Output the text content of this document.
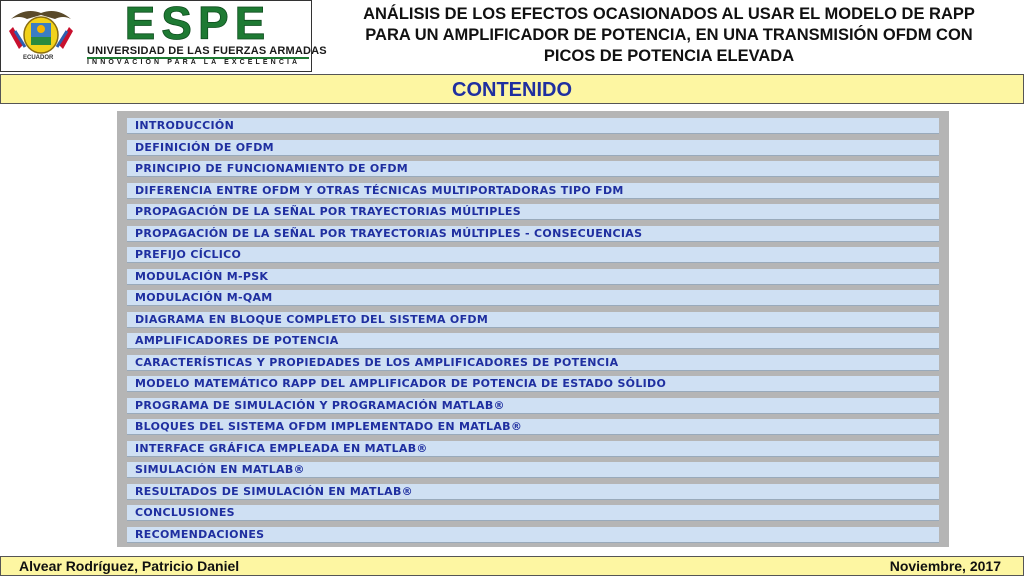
ECUADOR
ESPE
UNIVERSIDAD DE LAS FUERZAS ARMADAS
INNOVACIÓN PARA LA EXCELENCIA
ANÁLISIS DE LOS EFECTOS OCASIONADOS AL USAR EL MODELO DE RAPP
PARA UN AMPLIFICADOR DE POTENCIA, EN UNA TRANSMISIÓN OFDM CON
PICOS DE POTENCIA ELEVADA
CONTENIDO
INTRODUCCIÓN
DEFINICIÓN DE OFDM
PRINCIPIO DE FUNCIONAMIENTO DE OFDM
DIFERENCIA ENTRE OFDM Y OTRAS TÉCNICAS MULTIPORTADORAS TIPO FDM
PROPAGACIÓN DE LA SEÑAL POR TRAYECTORIAS MÚLTIPLES
PROPAGACIÓN DE LA SEÑAL POR TRAYECTORIAS MÚLTIPLES - CONSECUENCIAS
PREFIJO CÍCLICO
MODULACIÓN M-PSK
MODULACIÓN M-QAM
DIAGRAMA EN BLOQUE COMPLETO DEL SISTEMA OFDM
AMPLIFICADORES DE POTENCIA
CARACTERÍSTICAS Y PROPIEDADES DE LOS AMPLIFICADORES DE POTENCIA
MODELO MATEMÁTICO RAPP DEL AMPLIFICADOR DE POTENCIA DE ESTADO SÓLIDO
PROGRAMA DE SIMULACIÓN Y PROGRAMACIÓN MATLAB®
BLOQUES DEL SISTEMA OFDM IMPLEMENTADO EN MATLAB®
INTERFACE GRÁFICA EMPLEADA EN MATLAB®
SIMULACIÓN EN MATLAB®
RESULTADOS DE SIMULACIÓN EN MATLAB®
CONCLUSIONES
RECOMENDACIONES
Alvear Rodríguez, Patricio Daniel	Noviembre, 2017
